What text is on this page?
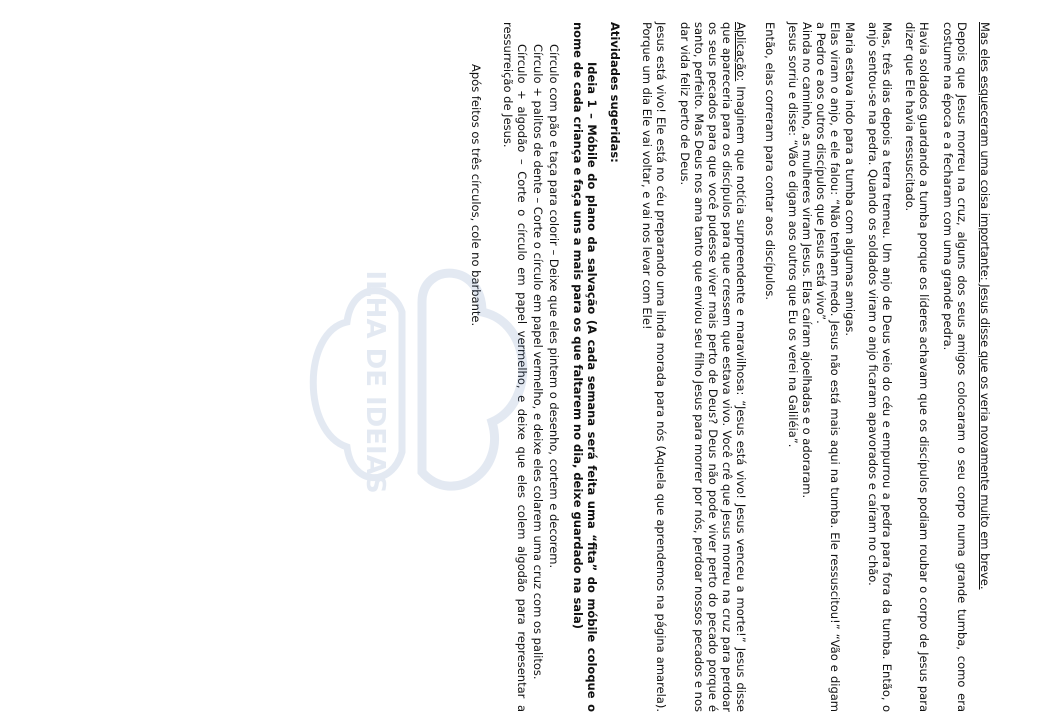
ILHA DE IDEIAS	Mas eles esqueceram uma coisa importante: Jesus disse que os veria novamente muito em breve.

Depois que Jesus morreu na cruz, alguns dos seus amigos colocaram o seu corpo numa grande tumba, como era costume na época e a fecharam com uma grande pedra.

Havia soldados guardando a tumba porque os líderes achavam que os discípulos podiam roubar o corpo de Jesus para dizer que Ele havia ressuscitado.

Mas, três dias depois a terra tremeu. Um anjo de Deus veio do céu e empurrou a pedra para fora da tumba. Então, o anjo sentou-se na pedra. Quando os soldados viram o anjo ficaram apavorados e caíram no chão.

Maria estava indo para a tumba com algumas amigas.
Elas viram o anjo, e ele falou: “Não tenham medo. Jesus não está mais aqui na tumba. Ele ressuscitou!” “Vão e digam a Pedro e aos outros discípulos que Jesus está vivo”.
Ainda no caminho, as mulheres viram Jesus. Elas caíram ajoelhadas e o adoraram.
Jesus sorriu e disse: “Vão e digam aos outros que Eu os verei na Galiléia”.

Então, elas correram para contar aos discípulos.

Aplicação: Imaginem que notícia surpreendente e maravilhosa: “Jesus está vivo! Jesus venceu a morte!” Jesus disse que apareceria para os discípulos para que cressem que estava vivo. Você crê que Jesus morreu na cruz para perdoar os seus pecados para que você pudesse viver mais perto de Deus? Deus não pode viver perto do pecado porque é santo, perfeito. Mas Deus nos ama tanto que enviou seu filho Jesus para morrer por nós, perdoar nossos pecados e nos dar vida feliz perto de Deus.

Jesus está vivo! Ele está no céu preparando uma linda morada para nós (Aquela que aprendemos na página amarela). Porque um dia Ele vai voltar, e vai nos levar com Ele!

Atividades sugeridas:

Ideia 1 – Móbile do plano da salvação (A cada semana será feita uma “fita” do móbile coloque o nome de cada criança e faça uns a mais para os que faltarem no dia, deixe guardado na sala)

Círculo com pão e taça para colorir – Deixe que eles pintem o desenho, cortem e decorem.

Círculo + palitos de dente – Corte o círculo em papel vermelho, e deixe eles colarem uma cruz com os palitos.

Círculo + algodão – Corte o círculo em papel vermelho, e deixe que eles colem algodão para representar a ressurreição de Jesus.

Após feitos os três círculos, cole no barbante.
